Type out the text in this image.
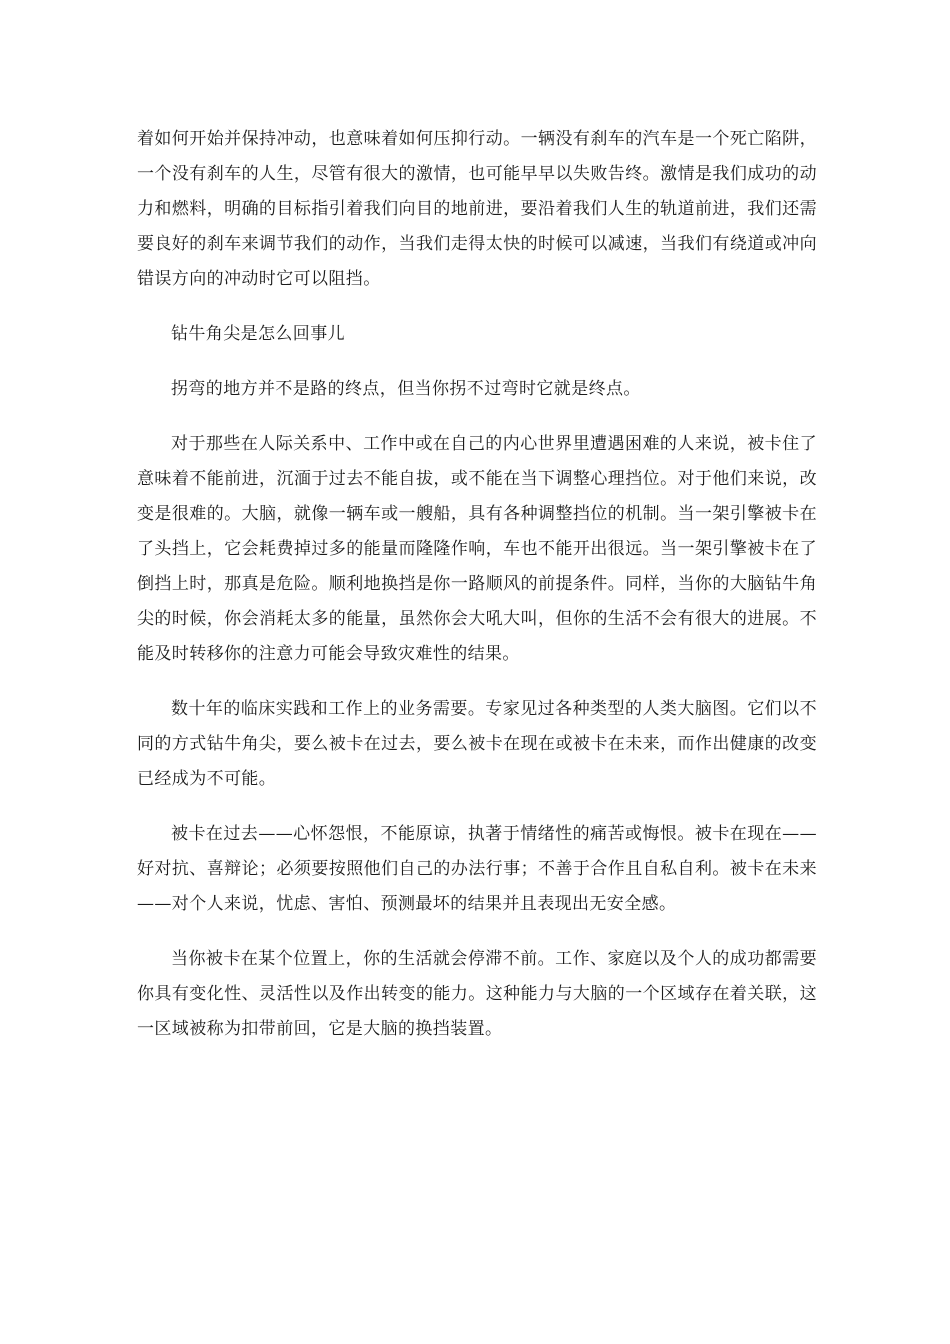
着如何开始并保持冲动，也意味着如何压抑行动。一辆没有刹车的汽车是一个死亡陷阱，一个没有刹车的人生，尽管有很大的激情，也可能早早以失败告终。激情是我们成功的动力和燃料，明确的目标指引着我们向目的地前进，要沿着我们人生的轨道前进，我们还需要良好的刹车来调节我们的动作，当我们走得太快的时候可以减速，当我们有绕道或冲向错误方向的冲动时它可以阻挡。

钻牛角尖是怎么回事儿

拐弯的地方并不是路的终点，但当你拐不过弯时它就是终点。

对于那些在人际关系中、工作中或在自己的内心世界里遭遇困难的人来说，被卡住了意味着不能前进，沉湎于过去不能自拔，或不能在当下调整心理挡位。对于他们来说，改变是很难的。大脑，就像一辆车或一艘船，具有各种调整挡位的机制。当一架引擎被卡在了头挡上，它会耗费掉过多的能量而隆隆作响，车也不能开出很远。当一架引擎被卡在了倒挡上时，那真是危险。顺利地换挡是你一路顺风的前提条件。同样，当你的大脑钻牛角尖的时候，你会消耗太多的能量，虽然你会大吼大叫，但你的生活不会有很大的进展。不能及时转移你的注意力可能会导致灾难性的结果。

数十年的临床实践和工作上的业务需要。专家见过各种类型的人类大脑图。它们以不同的方式钻牛角尖，要么被卡在过去，要么被卡在现在或被卡在未来，而作出健康的改变已经成为不可能。

被卡在过去——心怀怨恨，不能原谅，执著于情绪性的痛苦或悔恨。被卡在现在——好对抗、喜辩论；必须要按照他们自己的办法行事；不善于合作且自私自利。被卡在未来——对个人来说，忧虑、害怕、预测最坏的结果并且表现出无安全感。

当你被卡在某个位置上，你的生活就会停滞不前。工作、家庭以及个人的成功都需要你具有变化性、灵活性以及作出转变的能力。这种能力与大脑的一个区域存在着关联，这一区域被称为扣带前回，它是大脑的换挡装置。
